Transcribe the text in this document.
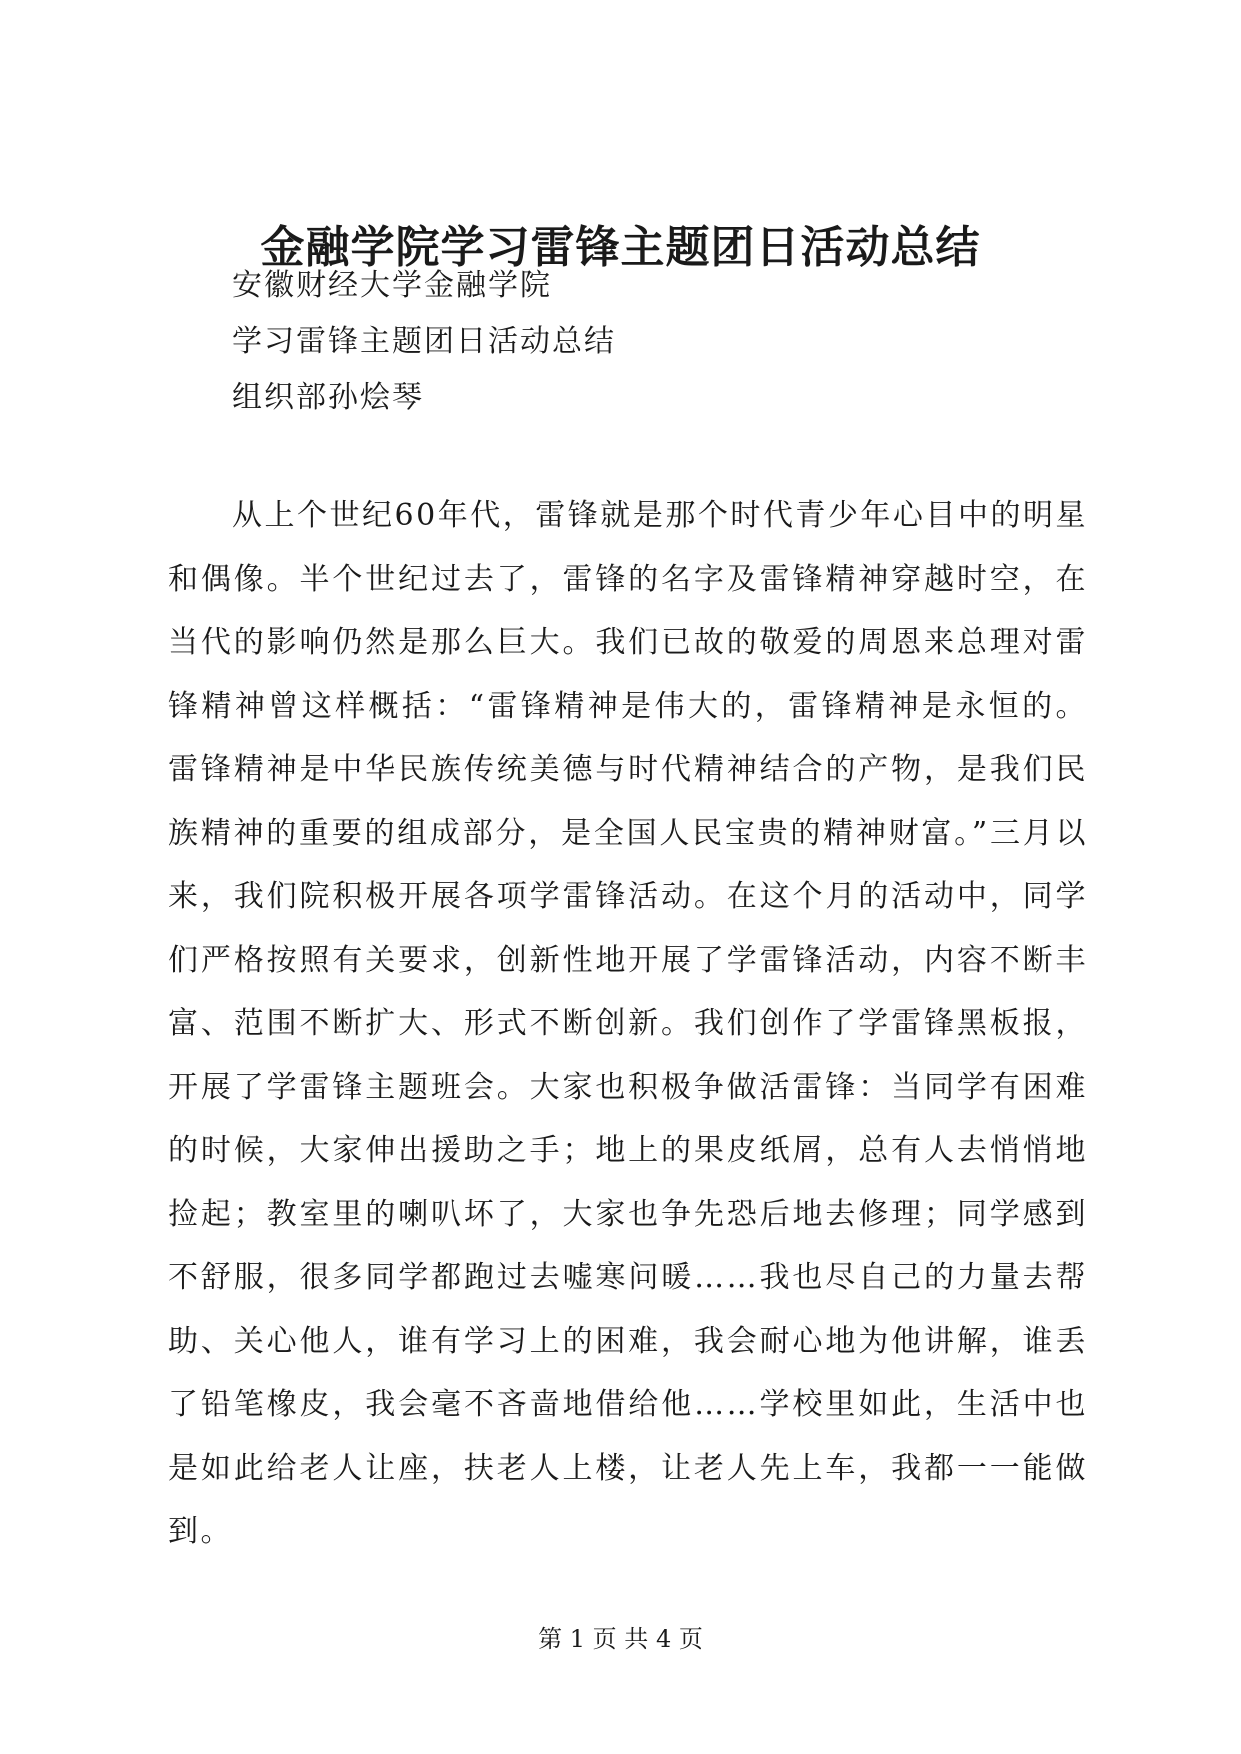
金融学院学习雷锋主题团日活动总结

安徽财经大学金融学院

学习雷锋主题团日活动总结

组织部孙烩琴

从上个世纪60年代，雷锋就是那个时代青少年心目中的明星和偶像。半个世纪过去了，雷锋的名字及雷锋精神穿越时空，在当代的影响仍然是那么巨大。我们已故的敬爱的周恩来总理对雷锋精神曾这样概括：“雷锋精神是伟大的，雷锋精神是永恒的。雷锋精神是中华民族传统美德与时代精神结合的产物，是我们民族精神的重要的组成部分，是全国人民宝贵的精神财富。”三月以来，我们院积极开展各项学雷锋活动。在这个月的活动中，同学们严格按照有关要求，创新性地开展了学雷锋活动，内容不断丰富、范围不断扩大、形式不断创新。我们创作了学雷锋黑板报，开展了学雷锋主题班会。大家也积极争做活雷锋：当同学有困难的时候，大家伸出援助之手；地上的果皮纸屑，总有人去悄悄地捡起；教室里的喇叭坏了，大家也争先恐后地去修理；同学感到不舒服，很多同学都跑过去嘘寒问暖……我也尽自己的力量去帮助、关心他人，谁有学习上的困难，我会耐心地为他讲解，谁丢了铅笔橡皮，我会毫不吝啬地借给他……学校里如此，生活中也是如此给老人让座，扶老人上楼，让老人先上车，我都一一能做到。

第 1 页 共 4 页
